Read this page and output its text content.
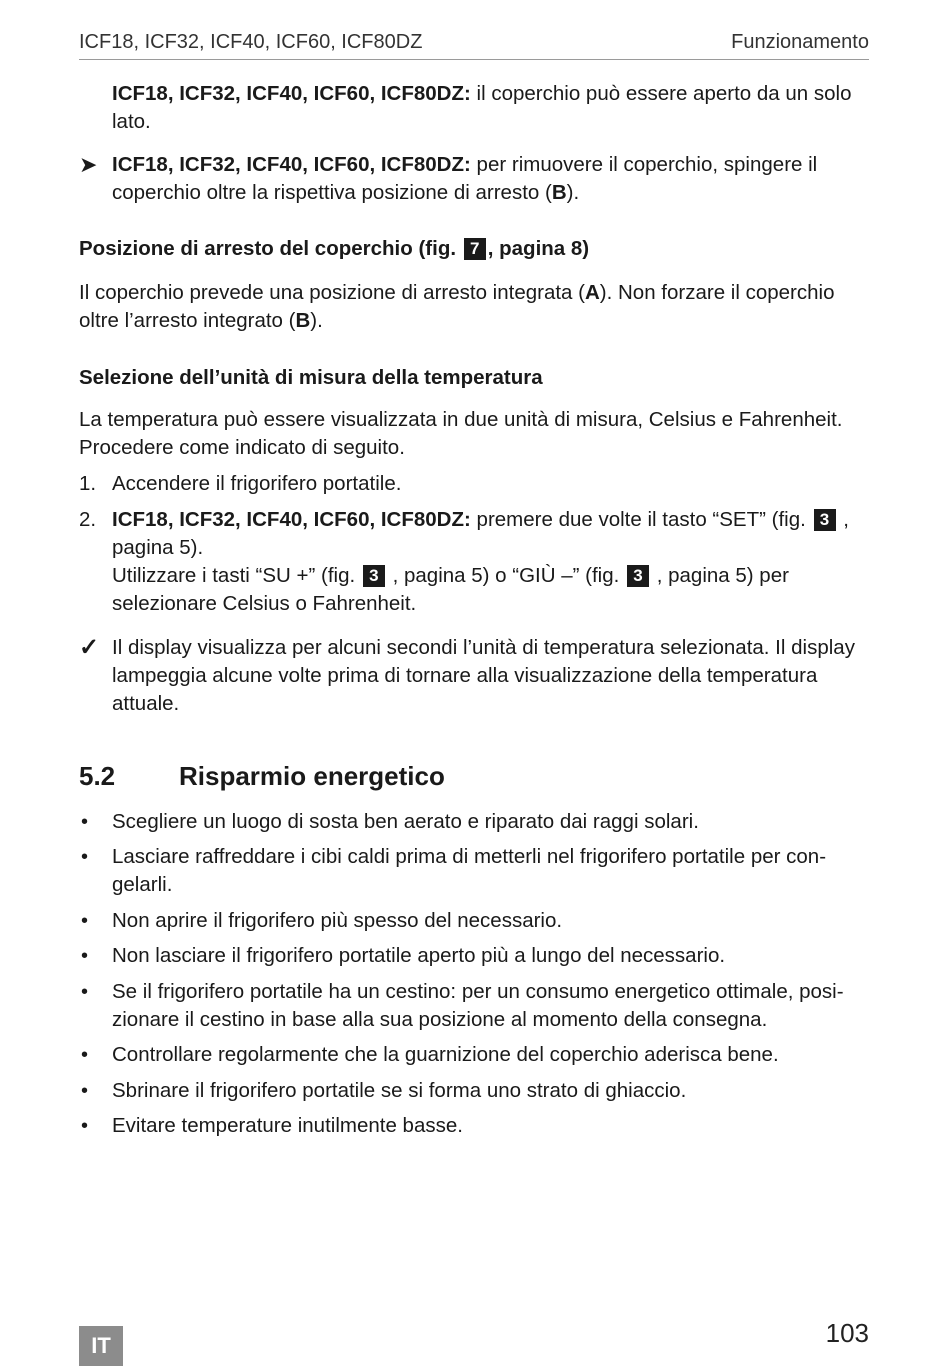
ICF18, ICF32, ICF40, ICF60, ICF80DZ	Funzionamento
ICF18, ICF32, ICF40, ICF60, ICF80DZ: il coperchio può essere aperto da un solo lato.
➤ ICF18, ICF32, ICF40, ICF60, ICF80DZ: per rimuovere il coperchio, spingere il coperchio oltre la rispettiva posizione di arresto (B).
Posizione di arresto del coperchio (fig. 7 , pagina 8)
Il coperchio prevede una posizione di arresto integrata (A). Non forzare il coperchio oltre l’arresto integrato (B).
Selezione dell’unità di misura della temperatura
La temperatura può essere visualizzata in due unità di misura, Celsius e Fahrenheit. Procedere come indicato di seguito.
1. Accendere il frigorifero portatile.
2. ICF18, ICF32, ICF40, ICF60, ICF80DZ: premere due volte il tasto “SET” (fig. 3 , pagina 5).
Utilizzare i tasti “SU +” (fig. 3 , pagina 5) o “GIÙ –” (fig. 3 , pagina 5) per selezionare Celsius o Fahrenheit.
✓ Il display visualizza per alcuni secondi l’unità di temperatura selezionata. Il display lampeggia alcune volte prima di tornare alla visualizzazione della temperatura attuale.
5.2 Risparmio energetico
• Scegliere un luogo di sosta ben aerato e riparato dai raggi solari.
• Lasciare raffreddare i cibi caldi prima di metterli nel frigorifero portatile per congelarli.
• Non aprire il frigorifero più spesso del necessario.
• Non lasciare il frigorifero portatile aperto più a lungo del necessario.
• Se il frigorifero portatile ha un cestino: per un consumo energetico ottimale, posizionare il cestino in base alla sua posizione al momento della consegna.
• Controllare regolarmente che la guarnizione del coperchio aderisca bene.
• Sbrinare il frigorifero portatile se si forma uno strato di ghiaccio.
• Evitare temperature inutilmente basse.
IT	103
